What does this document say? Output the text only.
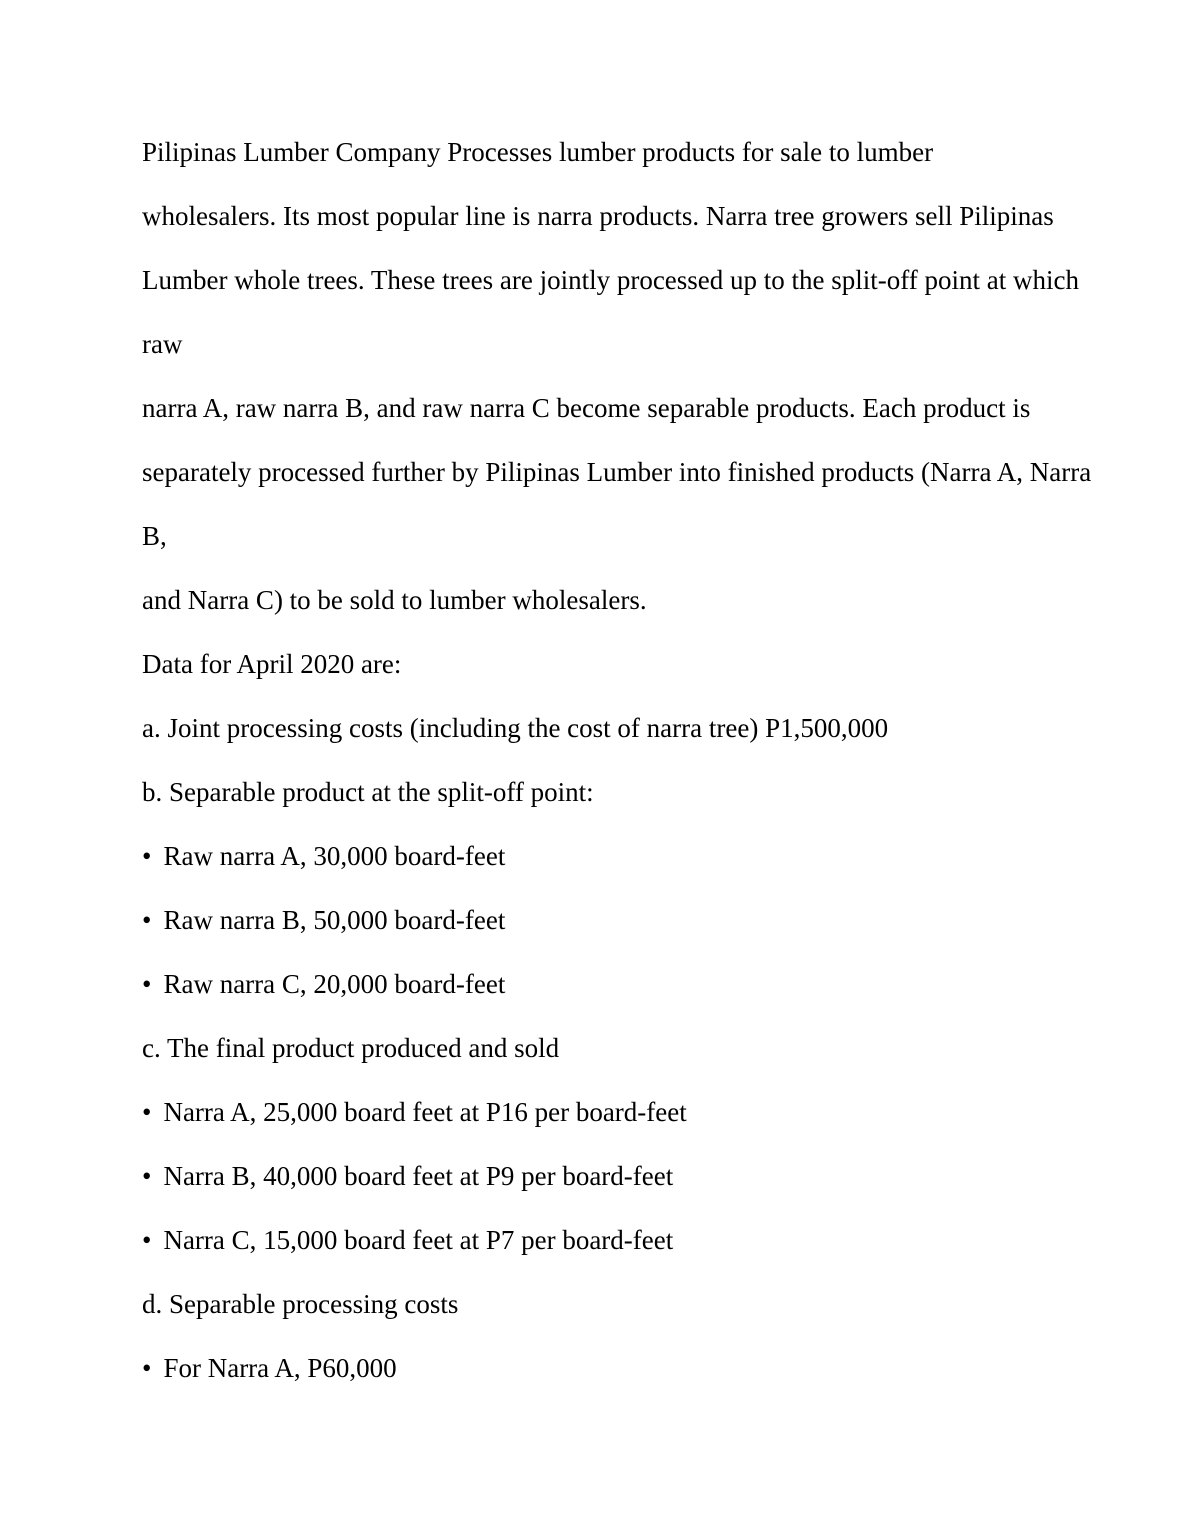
Pilipinas Lumber Company Processes lumber products for sale to lumber
wholesalers. Its most popular line is narra products. Narra tree growers sell Pilipinas
Lumber whole trees. These trees are jointly processed up to the split-off point at which
raw
narra A, raw narra B, and raw narra C become separable products. Each product is
separately processed further by Pilipinas Lumber into finished products (Narra A, Narra
B,
and Narra C) to be sold to lumber wholesalers.
Data for April 2020 are:
a. Joint processing costs (including the cost of narra tree) P1,500,000
b. Separable product at the split-off point:
• Raw narra A, 30,000 board-feet
• Raw narra B, 50,000 board-feet
• Raw narra C, 20,000 board-feet
c. The final product produced and sold
• Narra A, 25,000 board feet at P16 per board-feet
• Narra B, 40,000 board feet at P9 per board-feet
• Narra C, 15,000 board feet at P7 per board-feet
d. Separable processing costs
• For Narra A, P60,000
